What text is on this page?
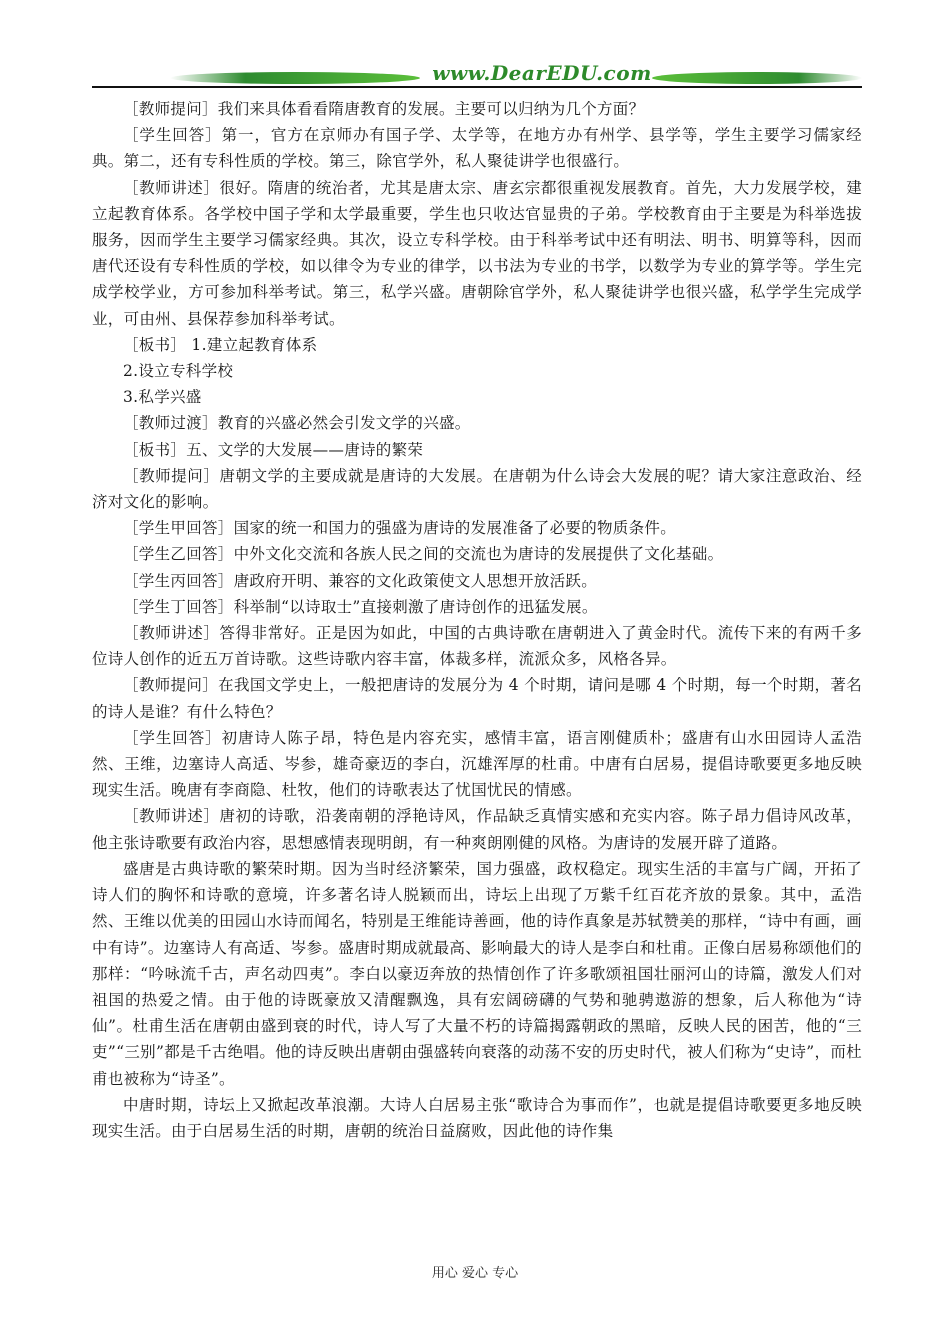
www.DearEDU.com

［教师提问］我们来具体看看隋唐教育的发展。主要可以归纳为几个方面？

［学生回答］第一，官方在京师办有国子学、太学等，在地方办有州学、县学等，学生主要学习儒家经典。第二，还有专科性质的学校。第三，除官学外，私人聚徒讲学也很盛行。

［教师讲述］很好。隋唐的统治者，尤其是唐太宗、唐玄宗都很重视发展教育。首先，大力发展学校，建立起教育体系。各学校中国子学和太学最重要，学生也只收达官显贵的子弟。学校教育由于主要是为科举选拔服务，因而学生主要学习儒家经典。其次，设立专科学校。由于科举考试中还有明法、明书、明算等科，因而唐代还设有专科性质的学校，如以律令为专业的律学，以书法为专业的书学，以数学为专业的算学等。学生完成学校学业，方可参加科举考试。第三，私学兴盛。唐朝除官学外，私人聚徒讲学也很兴盛，私学学生完成学业，可由州、县保荐参加科举考试。

［板书］ 1.建立起教育体系

2.设立专科学校

3.私学兴盛

［教师过渡］教育的兴盛必然会引发文学的兴盛。

［板书］五、文学的大发展——唐诗的繁荣

［教师提问］唐朝文学的主要成就是唐诗的大发展。在唐朝为什么诗会大发展的呢？请大家注意政治、经济对文化的影响。

［学生甲回答］国家的统一和国力的强盛为唐诗的发展准备了必要的物质条件。

［学生乙回答］中外文化交流和各族人民之间的交流也为唐诗的发展提供了文化基础。

［学生丙回答］唐政府开明、兼容的文化政策使文人思想开放活跃。

［学生丁回答］科举制“以诗取士”直接刺激了唐诗创作的迅猛发展。

［教师讲述］答得非常好。正是因为如此，中国的古典诗歌在唐朝进入了黄金时代。流传下来的有两千多位诗人创作的近五万首诗歌。这些诗歌内容丰富，体裁多样，流派众多，风格各异。

［教师提问］在我国文学史上，一般把唐诗的发展分为 4 个时期，请问是哪 4 个时期，每一个时期，著名的诗人是谁？有什么特色？

［学生回答］初唐诗人陈子昂，特色是内容充实，感情丰富，语言刚健质朴；盛唐有山水田园诗人孟浩然、王维，边塞诗人高适、岑参，雄奇豪迈的李白，沉雄浑厚的杜甫。中唐有白居易，提倡诗歌要更多地反映现实生活。晚唐有李商隐、杜牧，他们的诗歌表达了忧国忧民的情感。

［教师讲述］唐初的诗歌，沿袭南朝的浮艳诗风，作品缺乏真情实感和充实内容。陈子昂力倡诗风改革，他主张诗歌要有政治内容，思想感情表现明朗，有一种爽朗刚健的风格。为唐诗的发展开辟了道路。

盛唐是古典诗歌的繁荣时期。因为当时经济繁荣，国力强盛，政权稳定。现实生活的丰富与广阔，开拓了诗人们的胸怀和诗歌的意境，许多著名诗人脱颖而出，诗坛上出现了万紫千红百花齐放的景象。其中，孟浩然、王维以优美的田园山水诗而闻名，特别是王维能诗善画，他的诗作真象是苏轼赞美的那样，“诗中有画，画中有诗”。边塞诗人有高适、岑参。盛唐时期成就最高、影响最大的诗人是李白和杜甫。正像白居易称颂他们的那样：“吟咏流千古，声名动四夷”。李白以豪迈奔放的热情创作了许多歌颂祖国壮丽河山的诗篇，激发人们对祖国的热爱之情。由于他的诗既豪放又清醒飘逸，具有宏阔磅礴的气势和驰骋遨游的想象，后人称他为“诗仙”。杜甫生活在唐朝由盛到衰的时代，诗人写了大量不朽的诗篇揭露朝政的黑暗，反映人民的困苦，他的“三吏”“三别”都是千古绝唱。他的诗反映出唐朝由强盛转向衰落的动荡不安的历史时代，被人们称为“史诗”，而杜甫也被称为“诗圣”。

中唐时期，诗坛上又掀起改革浪潮。大诗人白居易主张“歌诗合为事而作”，也就是提倡诗歌要更多地反映现实生活。由于白居易生活的时期，唐朝的统治日益腐败，因此他的诗作集

用心 爱心 专心
